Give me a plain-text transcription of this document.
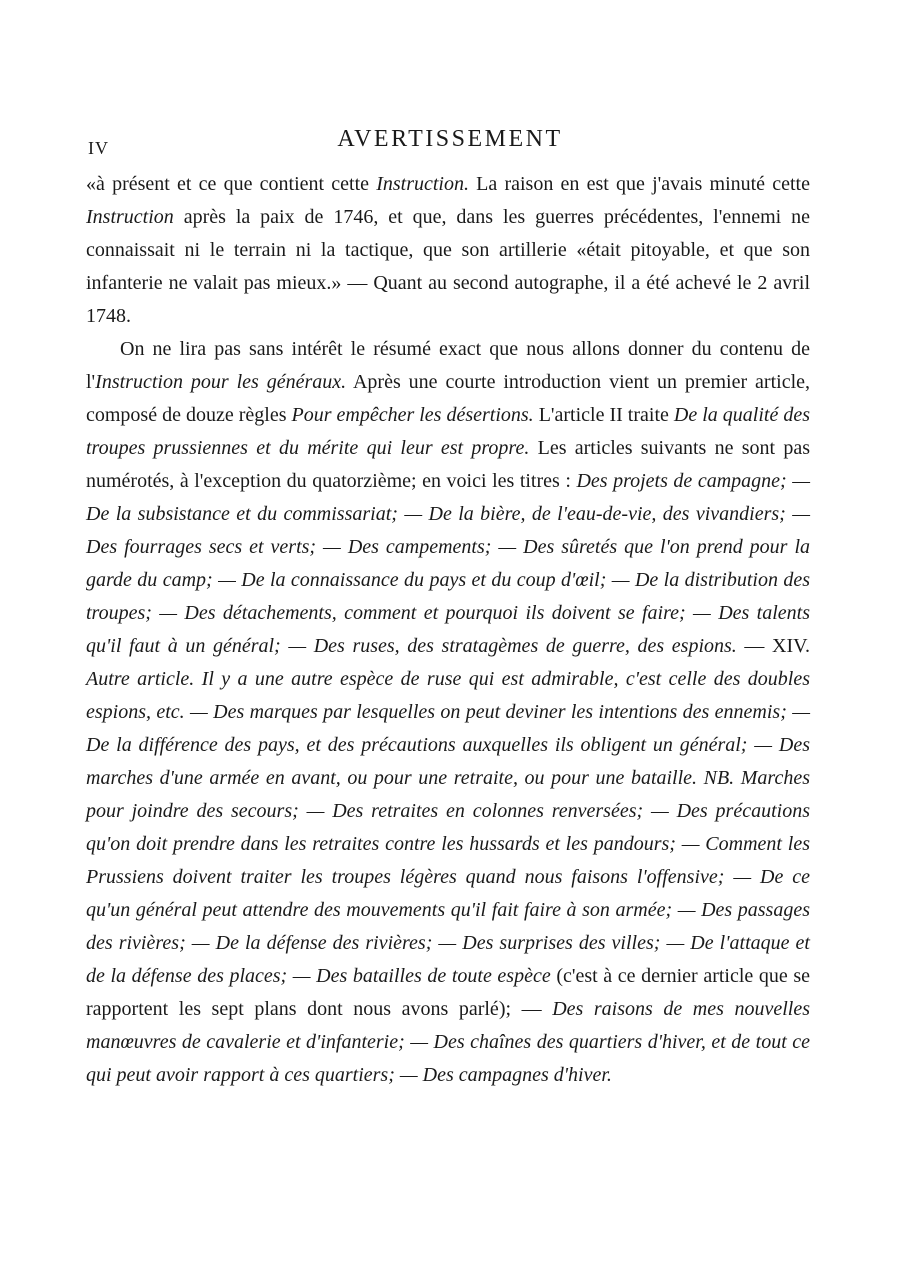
IV	AVERTISSEMENT

«à présent et ce que contient cette Instruction. La raison en est que j'avais minuté cette Instruction après la paix de 1746, et que, dans les guerres précédentes, l'ennemi ne connaissait ni le terrain ni la tactique, que son artillerie «était pitoyable, et que son infanterie ne valait pas mieux.» — Quant au second autographe, il a été achevé le 2 avril 1748.

On ne lira pas sans intérêt le résumé exact que nous allons donner du contenu de l'Instruction pour les généraux. Après une courte introduction vient un premier article, composé de douze règles Pour empêcher les désertions. L'article II traite De la qualité des troupes prussiennes et du mérite qui leur est propre. Les articles suivants ne sont pas numérotés, à l'exception du quatorzième; en voici les titres : Des projets de campagne; — De la subsistance et du commissariat; — De la bière, de l'eau-de-vie, des vivandiers; — Des fourrages secs et verts; — Des campements; — Des sûretés que l'on prend pour la garde du camp; — De la connaissance du pays et du coup d'œil; — De la distribution des troupes; — Des détachements, comment et pourquoi ils doivent se faire; — Des talents qu'il faut à un général; — Des ruses, des stratagèmes de guerre, des espions. — XIV. Autre article. Il y a une autre espèce de ruse qui est admirable, c'est celle des doubles espions, etc. — Des marques par lesquelles on peut deviner les intentions des ennemis; — De la différence des pays, et des précautions auxquelles ils obligent un général; — Des marches d'une armée en avant, ou pour une retraite, ou pour une bataille. NB. Marches pour joindre des secours; — Des retraites en colonnes renversées; — Des précautions qu'on doit prendre dans les retraites contre les hussards et les pandours; — Comment les Prussiens doivent traiter les troupes légères quand nous faisons l'offensive; — De ce qu'un général peut attendre des mouvements qu'il fait faire à son armée; — Des passages des rivières; — De la défense des rivières; — Des surprises des villes; — De l'attaque et de la défense des places; — Des batailles de toute espèce (c'est à ce dernier article que se rapportent les sept plans dont nous avons parlé); — Des raisons de mes nouvelles manœuvres de cavalerie et d'infanterie; — Des chaînes des quartiers d'hiver, et de tout ce qui peut avoir rapport à ces quartiers; — Des campagnes d'hiver.
